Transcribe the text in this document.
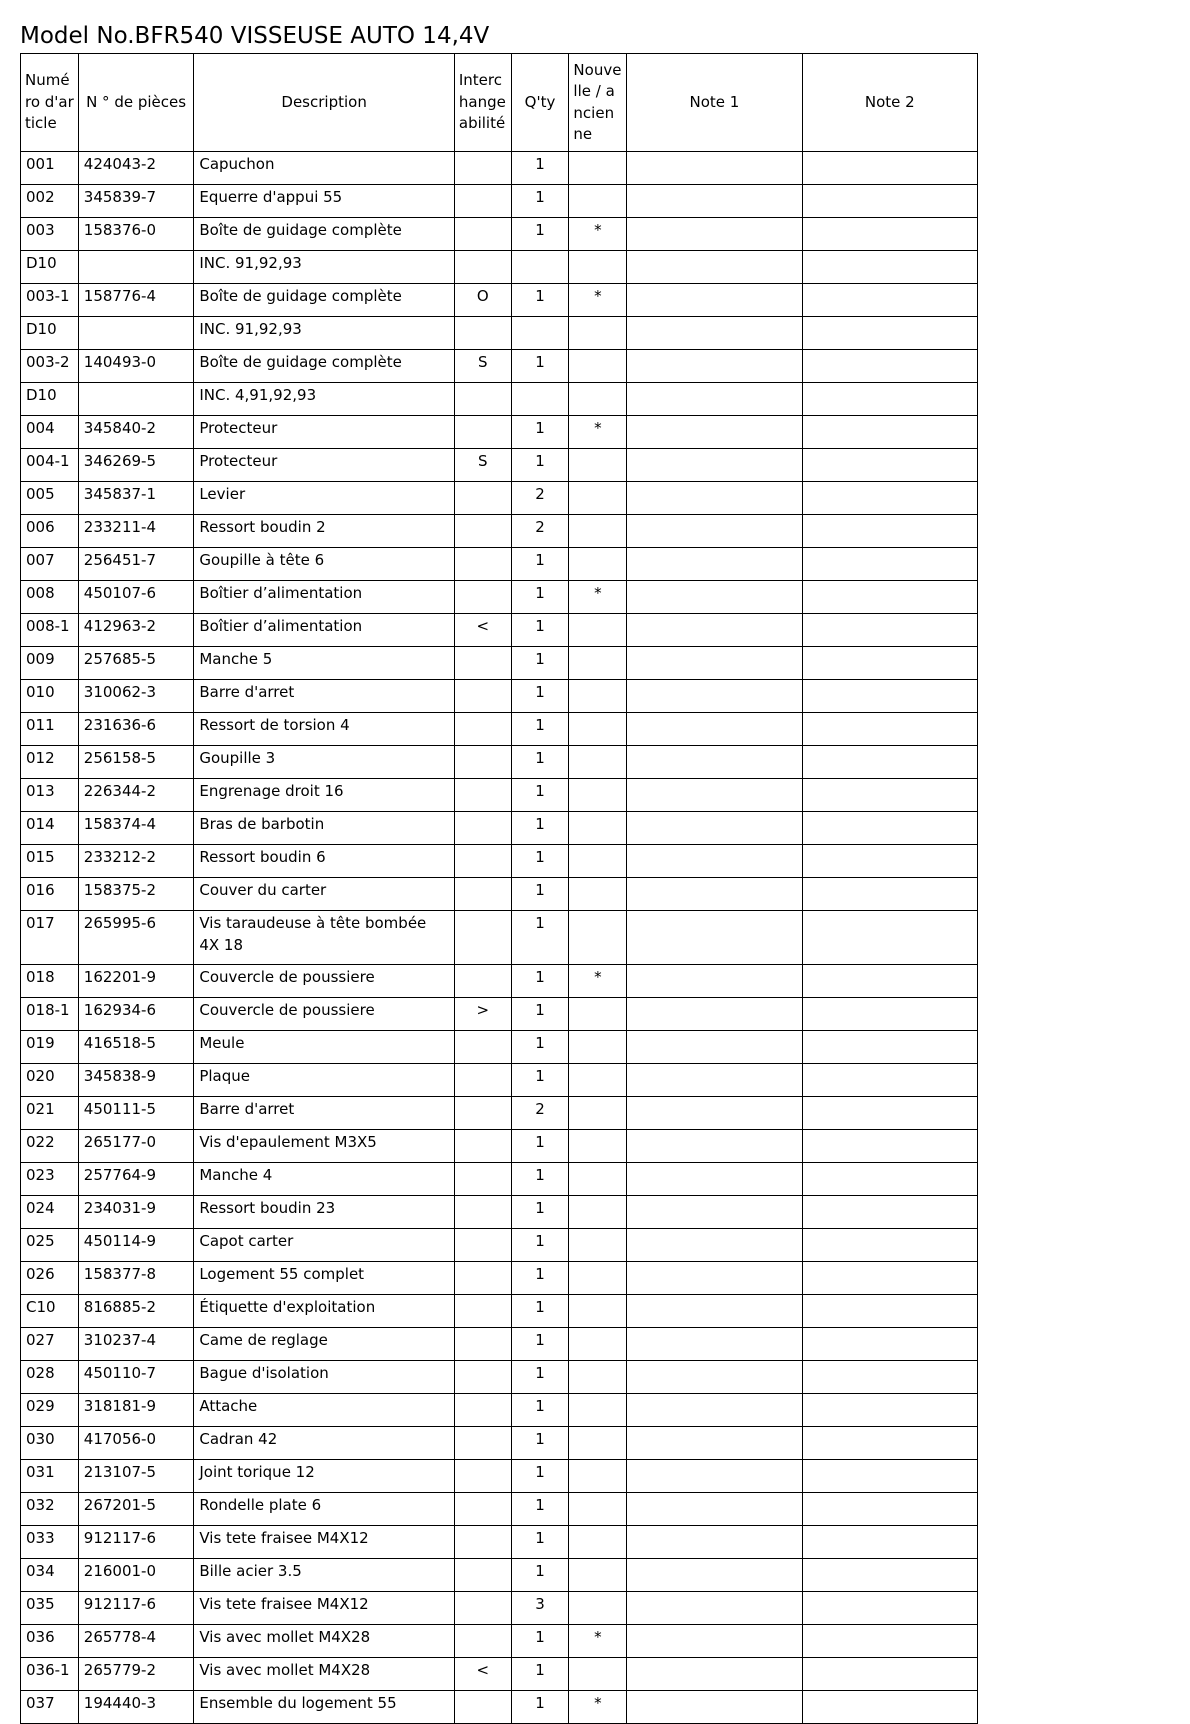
Model No.BFR540 VISSEUSE AUTO 14,4V
Numéro d'article	N ° de pièces	Description	Interchangeabilité	Q'ty	Nouvelle / ancienne	Note 1	Note 2
001	424043-2	Capuchon		1			
002	345839-7	Equerre d'appui 55		1			
003	158376-0	Boîte de guidage complète		1	*		
D10		INC. 91,92,93					
003-1	158776-4	Boîte de guidage complète	O	1	*		
D10		INC. 91,92,93					
003-2	140493-0	Boîte de guidage complète	S	1			
D10		INC. 4,91,92,93					
004	345840-2	Protecteur		1	*		
004-1	346269-5	Protecteur	S	1			
005	345837-1	Levier		2			
006	233211-4	Ressort boudin 2		2			
007	256451-7	Goupille à tête 6		1			
008	450107-6	Boîtier d’alimentation		1	*		
008-1	412963-2	Boîtier d’alimentation	<	1			
009	257685-5	Manche 5		1			
010	310062-3	Barre d'arret		1			
011	231636-6	Ressort de torsion 4		1			
012	256158-5	Goupille 3		1			
013	226344-2	Engrenage droit 16		1			
014	158374-4	Bras de barbotin		1			
015	233212-2	Ressort boudin 6		1			
016	158375-2	Couver du carter		1			
017	265995-6	Vis taraudeuse à tête bombée 4X 18		1			
018	162201-9	Couvercle de poussiere		1	*		
018-1	162934-6	Couvercle de poussiere	>	1			
019	416518-5	Meule		1			
020	345838-9	Plaque		1			
021	450111-5	Barre d'arret		2			
022	265177-0	Vis d'epaulement M3X5		1			
023	257764-9	Manche 4		1			
024	234031-9	Ressort boudin 23		1			
025	450114-9	Capot carter		1			
026	158377-8	Logement 55 complet		1			
C10	816885-2	Étiquette d'exploitation		1			
027	310237-4	Came de reglage		1			
028	450110-7	Bague d'isolation		1			
029	318181-9	Attache		1			
030	417056-0	Cadran 42		1			
031	213107-5	Joint torique 12		1			
032	267201-5	Rondelle plate 6		1			
033	912117-6	Vis tete fraisee M4X12		1			
034	216001-0	Bille acier 3.5		1			
035	912117-6	Vis tete fraisee M4X12		3			
036	265778-4	Vis avec mollet M4X28		1	*		
036-1	265779-2	Vis avec mollet M4X28	<	1			
037	194440-3	Ensemble du logement 55		1	*		
